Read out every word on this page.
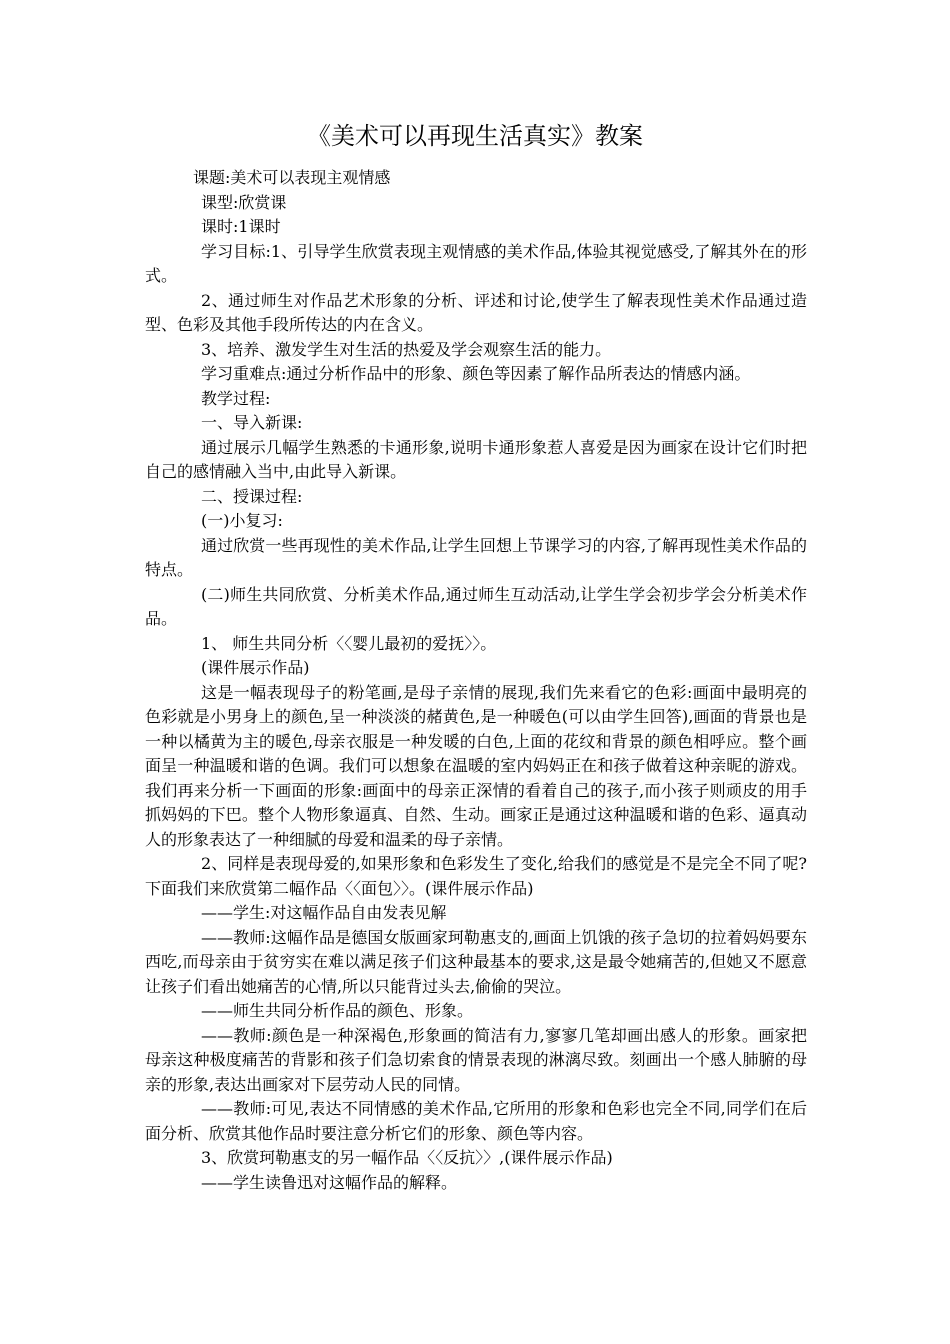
《美术可以再现生活真实》教案

课题:美术可以表现主观情感

课型:欣赏课

课时:1课时

学习目标:1、引导学生欣赏表现主观情感的美术作品,体验其视觉感受,了解其外在的形式。

2、通过师生对作品艺术形象的分析、评述和讨论,使学生了解表现性美术作品通过造型、色彩及其他手段所传达的内在含义。

3、培养、激发学生对生活的热爱及学会观察生活的能力。

学习重难点:通过分析作品中的形象、颜色等因素了解作品所表达的情感内涵。

教学过程:

一、导入新课:

通过展示几幅学生熟悉的卡通形象,说明卡通形象惹人喜爱是因为画家在设计它们时把自己的感情融入当中,由此导入新课。

二、授课过程:

(一)小复习:

通过欣赏一些再现性的美术作品,让学生回想上节课学习的内容,了解再现性美术作品的特点。

(二)师生共同欣赏、分析美术作品,通过师生互动活动,让学生学会初步学会分析美术作品。

1、 师生共同分析〈〈婴儿最初的爱抚〉〉。

(课件展示作品)

这是一幅表现母子的粉笔画,是母子亲情的展现,我们先来看它的色彩:画面中最明亮的色彩就是小男身上的颜色,呈一种淡淡的赭黄色,是一种暖色(可以由学生回答),画面的背景也是一种以橘黄为主的暖色,母亲衣服是一种发暖的白色,上面的花纹和背景的颜色相呼应。整个画面呈一种温暖和谐的色调。我们可以想象在温暖的室内妈妈正在和孩子做着这种亲昵的游戏。我们再来分析一下画面的形象:画面中的母亲正深情的看着自己的孩子,而小孩子则顽皮的用手抓妈妈的下巴。整个人物形象逼真、自然、生动。画家正是通过这种温暖和谐的色彩、逼真动人的形象表达了一种细腻的母爱和温柔的母子亲情。

2、同样是表现母爱的,如果形象和色彩发生了变化,给我们的感觉是不是完全不同了呢?下面我们来欣赏第二幅作品〈〈面包〉〉。(课件展示作品)

——学生:对这幅作品自由发表见解

——教师:这幅作品是德国女版画家珂勒惠支的,画面上饥饿的孩子急切的拉着妈妈要东西吃,而母亲由于贫穷实在难以满足孩子们这种最基本的要求,这是最令她痛苦的,但她又不愿意让孩子们看出她痛苦的心情,所以只能背过头去,偷偷的哭泣。

——师生共同分析作品的颜色、形象。

——教师:颜色是一种深褐色,形象画的简洁有力,寥寥几笔却画出感人的形象。画家把母亲这种极度痛苦的背影和孩子们急切索食的情景表现的淋漓尽致。刻画出一个感人肺腑的母亲的形象,表达出画家对下层劳动人民的同情。

——教师:可见,表达不同情感的美术作品,它所用的形象和色彩也完全不同,同学们在后面分析、欣赏其他作品时要注意分析它们的形象、颜色等内容。

3、欣赏珂勒惠支的另一幅作品〈〈反抗〉〉,(课件展示作品)

——学生读鲁迅对这幅作品的解释。
